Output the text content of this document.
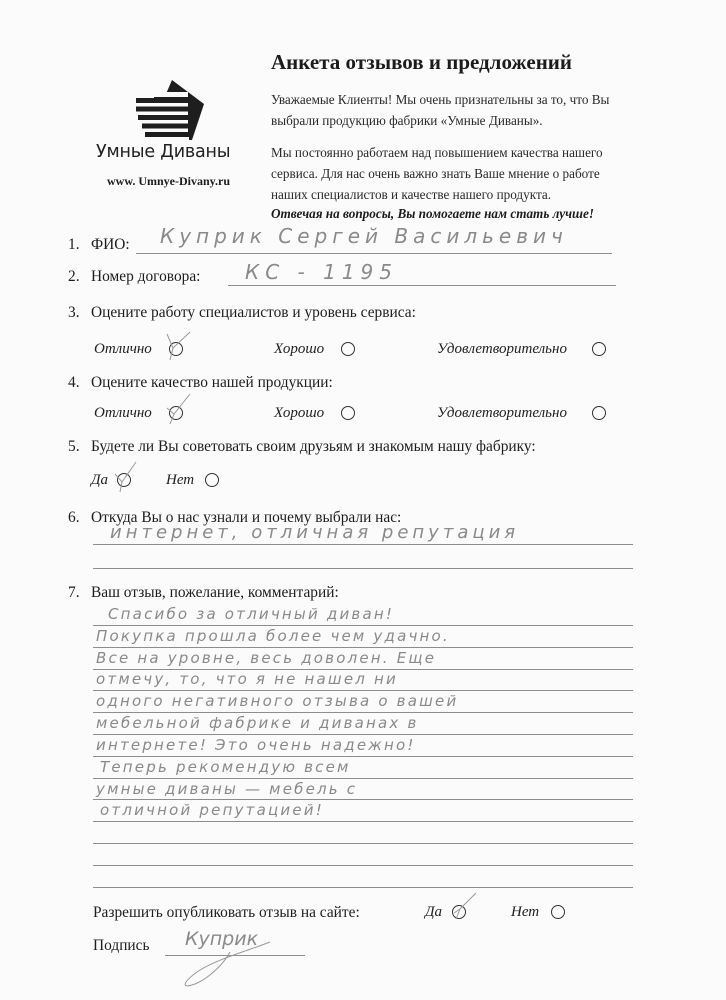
Умные Диваны
www. Umnye-Divany.ru
Анкета отзывов и предложений
Уважаемые Клиенты! Мы очень признательны за то, что Вы
выбрали продукцию фабрики «Умные Диваны».
Мы постоянно работаем над повышением качества нашего
сервиса. Для нас очень важно знать Ваше мнение о работе
наших специалистов и качестве нашего продукта.
Отвечая на вопросы, Вы помогаете нам стать лучше!
1. ФИО: Куприк Сергей Васильевич
2. Номер договора: КС - 1195
3. Оцените работу специалистов и уровень сервиса:
Отлично	Хорошо	Удовлетворительно
4. Оцените качество нашей продукции:
Отлично	Хорошо	Удовлетворительно
5. Будете ли Вы советовать своим друзьям и знакомым нашу фабрику:
Да	Нет
6. Откуда Вы о нас узнали и почему выбрали нас:
интернет, отличная репутация
7. Ваш отзыв, пожелание, комментарий:
Спасибо за отличный диван!
Покупка прошла более чем удачно.
Все на уровне, весь доволен. Еще
отмечу, то, что я не нашел ни
одного негативного отзыва о вашей
мебельной фабрике и диванах в
интернете! Это очень надежно!
Теперь рекомендую всем
умные диваны — мебель с
отличной репутацией!
Разрешить опубликовать отзыв на сайте:	Да	Нет
Подпись Куприк
